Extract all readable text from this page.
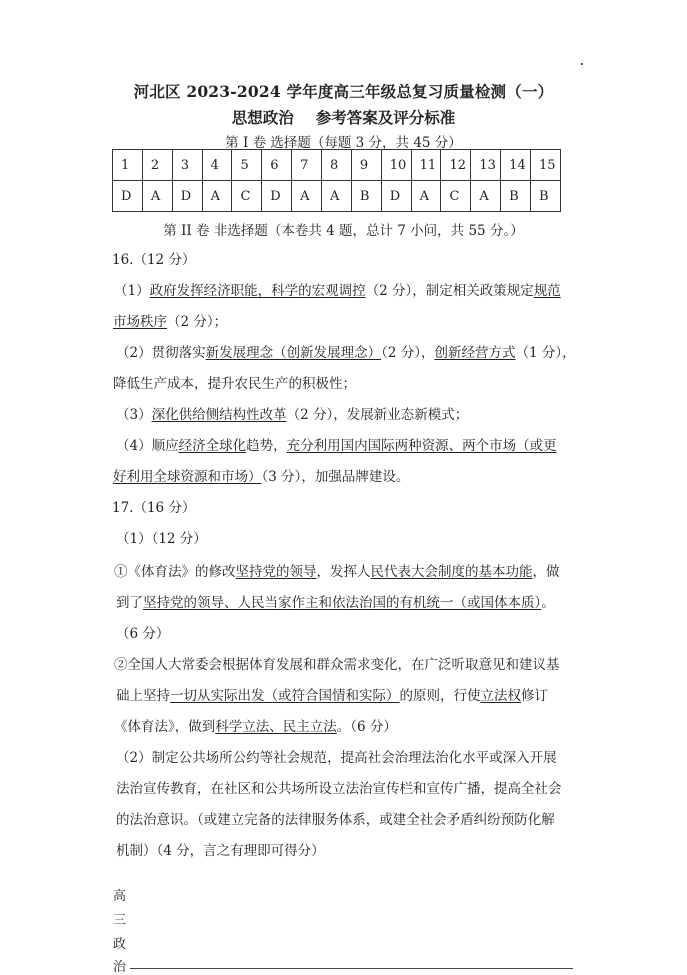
河北区 2023-2024 学年度高三年级总复习质量检测（一）
思想政治 参考答案及评分标准
第 I 卷 选择题（每题 3 分，共 45 分）
1	2	3	4	5	6	7	8	9	10	11	12	13	14	15
D	A	D	A	C	D	A	A	B	D	A	C	A	B	B
第 II 卷 非选择题（本卷共 4 题，总计 7 小问，共 55 分。）
16.（12 分）
（1）政府发挥经济职能，科学的宏观调控（2 分），制定相关政策规定规范
市场秩序（2 分）；
（2）贯彻落实新发展理念（创新发展理念）（2 分），创新经营方式（1 分），
降低生产成本，提升农民生产的积极性；
（3）深化供给侧结构性改革（2 分），发展新业态新模式；
（4）顺应经济全球化趋势，充分利用国内国际两种资源、两个市场（或更
好利用全球资源和市场）（3 分），加强品牌建设。
17.（16 分）
（1）（12 分）
①《体育法》的修改坚持党的领导，发挥人民代表大会制度的基本功能，做
到了坚持党的领导、人民当家作主和依法治国的有机统一（或国体本质）。
（6 分）
②全国人大常委会根据体育发展和群众需求变化，在广泛听取意见和建议基
础上坚持一切从实际出发（或符合国情和实际）的原则，行使立法权修订
《体育法》，做到科学立法、民主立法。（6 分）
（2）制定公共场所公约等社会规范，提高社会治理法治化水平或深入开展
法治宣传教育，在社区和公共场所设立法治宣传栏和宣传广播，提高全社会
的法治意识。（或建立完备的法律服务体系，或建全社会矛盾纠纷预防化解
机制）（4 分，言之有理即可得分）
高
三
政
治
